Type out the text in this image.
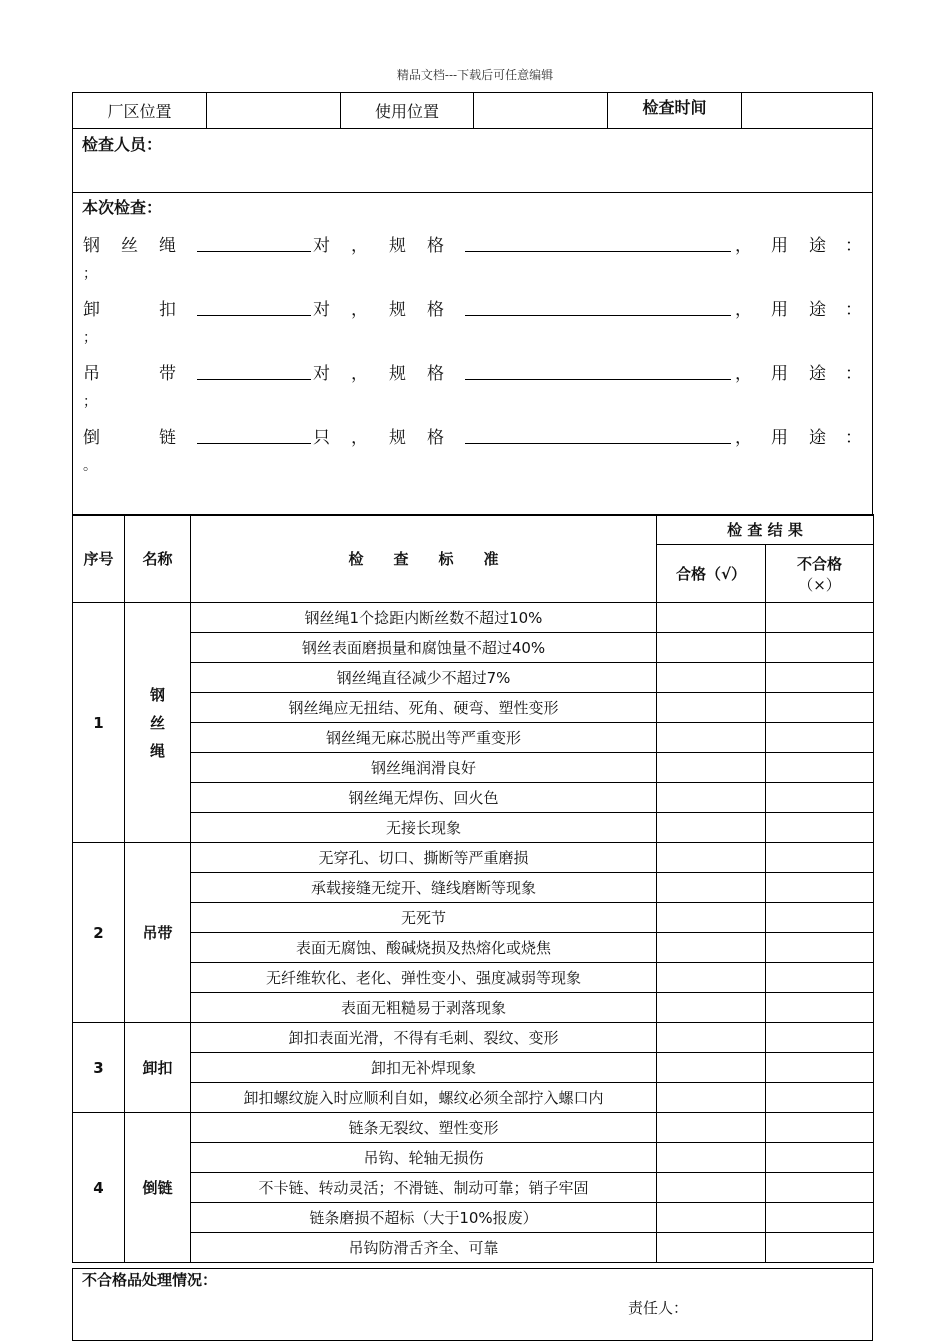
精品文档---下载后可任意编辑
厂区位置	使用位置	检查时间
检查人员：
本次检查：
钢 丝 绳	对 ， 规 格	， 用 途 ：
；
卸	扣	对 ， 规 格	， 用 途 ：
；
吊	带	对 ， 规 格	， 用 途 ：
；
倒	链	只 ， 规 格	， 用 途 ：
。
序号	名称	检　　查　　标　　准	检 查 结 果	
			合格（√）	不合格
（×）

1	钢
丝
绳	钢丝绳1个捻距内断丝数不超过10%		
		钢丝表面磨损量和腐蚀量不超过40%		
		钢丝绳直径减少不超过7%		
		钢丝绳应无扭结、死角、硬弯、塑性变形		
		钢丝绳无麻芯脱出等严重变形		
		钢丝绳润滑良好		
		钢丝绳无焊伤、回火色		
		无接长现象		
2	吊带	无穿孔、切口、撕断等严重磨损		
		承载接缝无绽开、缝线磨断等现象		
		无死节		
		表面无腐蚀、酸碱烧损及热熔化或烧焦		
		无纤维软化、老化、弹性变小、强度减弱等现象		
		表面无粗糙易于剥落现象		
3	卸扣	卸扣表面光滑，不得有毛刺、裂纹、变形		
		卸扣无补焊现象		
		卸扣螺纹旋入时应顺利自如，螺纹必须全部拧入螺口内		
4	倒链	链条无裂纹、塑性变形		
		吊钩、轮轴无损伤		
		不卡链、转动灵活；不滑链、制动可靠；销子牢固		
		链条磨损不超标（大于10%报废）		
		吊钩防滑舌齐全、可靠		
不合格品处理情况：
责任人：
